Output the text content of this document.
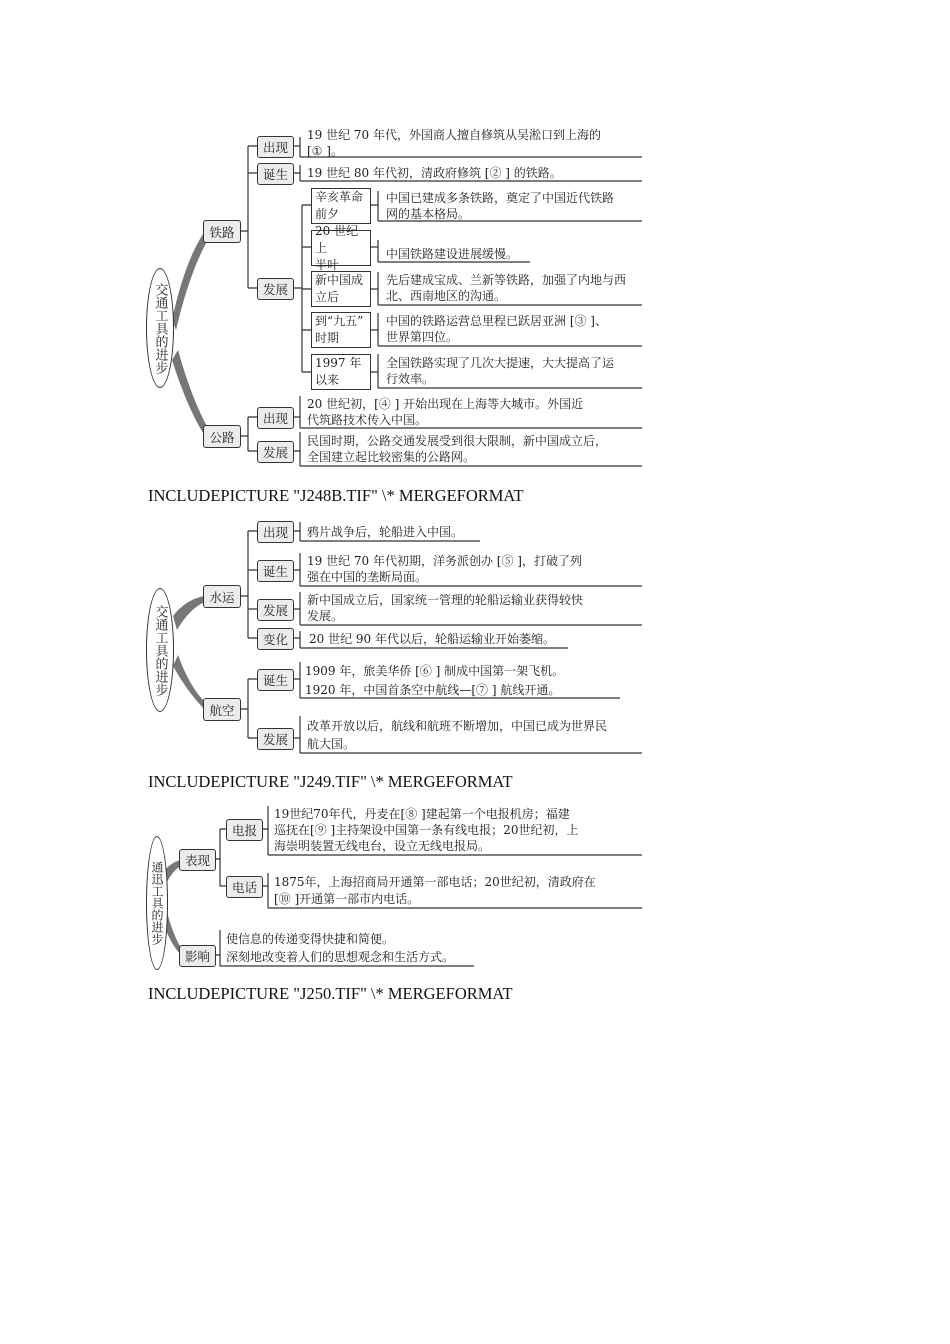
交通工具的进步
铁路
出现
19 世纪 70 年代，外国商人擅自修筑从吴淞口到上海的
[① ]。
诞生	19 世纪 80 年代初，清政府修筑 [② ] 的铁路。
发展
辛亥革命
前夕
中国已建成多条铁路，奠定了中国近代铁路
网的基本格局。
20 世纪上
半叶
中国铁路建设进展缓慢。
新中国成
立后
先后建成宝成、兰新等铁路，加强了内地与西
北、西南地区的沟通。
到“九五”
时期
中国的铁路运营总里程已跃居亚洲 [③ ]、
世界第四位。
1997 年
以来
全国铁路实现了几次大提速，大大提高了运
行效率。
公路
出现
20 世纪初，[④ ] 开始出现在上海等大城市。外国近
代筑路技术传入中国。
发展
民国时期，公路交通发展受到很大限制，新中国成立后，
全国建立起比较密集的公路网。
INCLUDEPICTURE "J248B.TIF" \* MERGEFORMAT
交通工具的进步
水运
出现	鸦片战争后，轮船进入中国。
诞生
19 世纪 70 年代初期，洋务派创办 [⑤ ]，打破了列
强在中国的垄断局面。
发展
新中国成立后，国家统一管理的轮船运输业获得较快
发展。
变化	20 世纪 90 年代以后，轮船运输业开始萎缩。
航空
诞生
1909 年，旅美华侨 [⑥ ] 制成中国第一架飞机。
1920 年，中国首条空中航线—[⑦ ] 航线开通。
发展
改革开放以后，航线和航班不断增加，中国已成为世界民
航大国。
INCLUDEPICTURE "J249.TIF" \* MERGEFORMAT
通迅工具的进步
表现
电报
19世纪70年代，丹麦在[⑧ ]建起第一个电报机房；福建
巡抚在[⑨ ]主持架设中国第一条有线电报；20世纪初，上
海崇明装置无线电台，设立无线电报局。
电话	1875年，上海招商局开通第一部电话；20世纪初，清政府在
[⑩ ]开通第一部市内电话。
影响
使信息的传递变得快捷和简便。
深刻地改变着人们的思想观念和生活方式。
INCLUDEPICTURE "J250.TIF" \* MERGEFORMAT
